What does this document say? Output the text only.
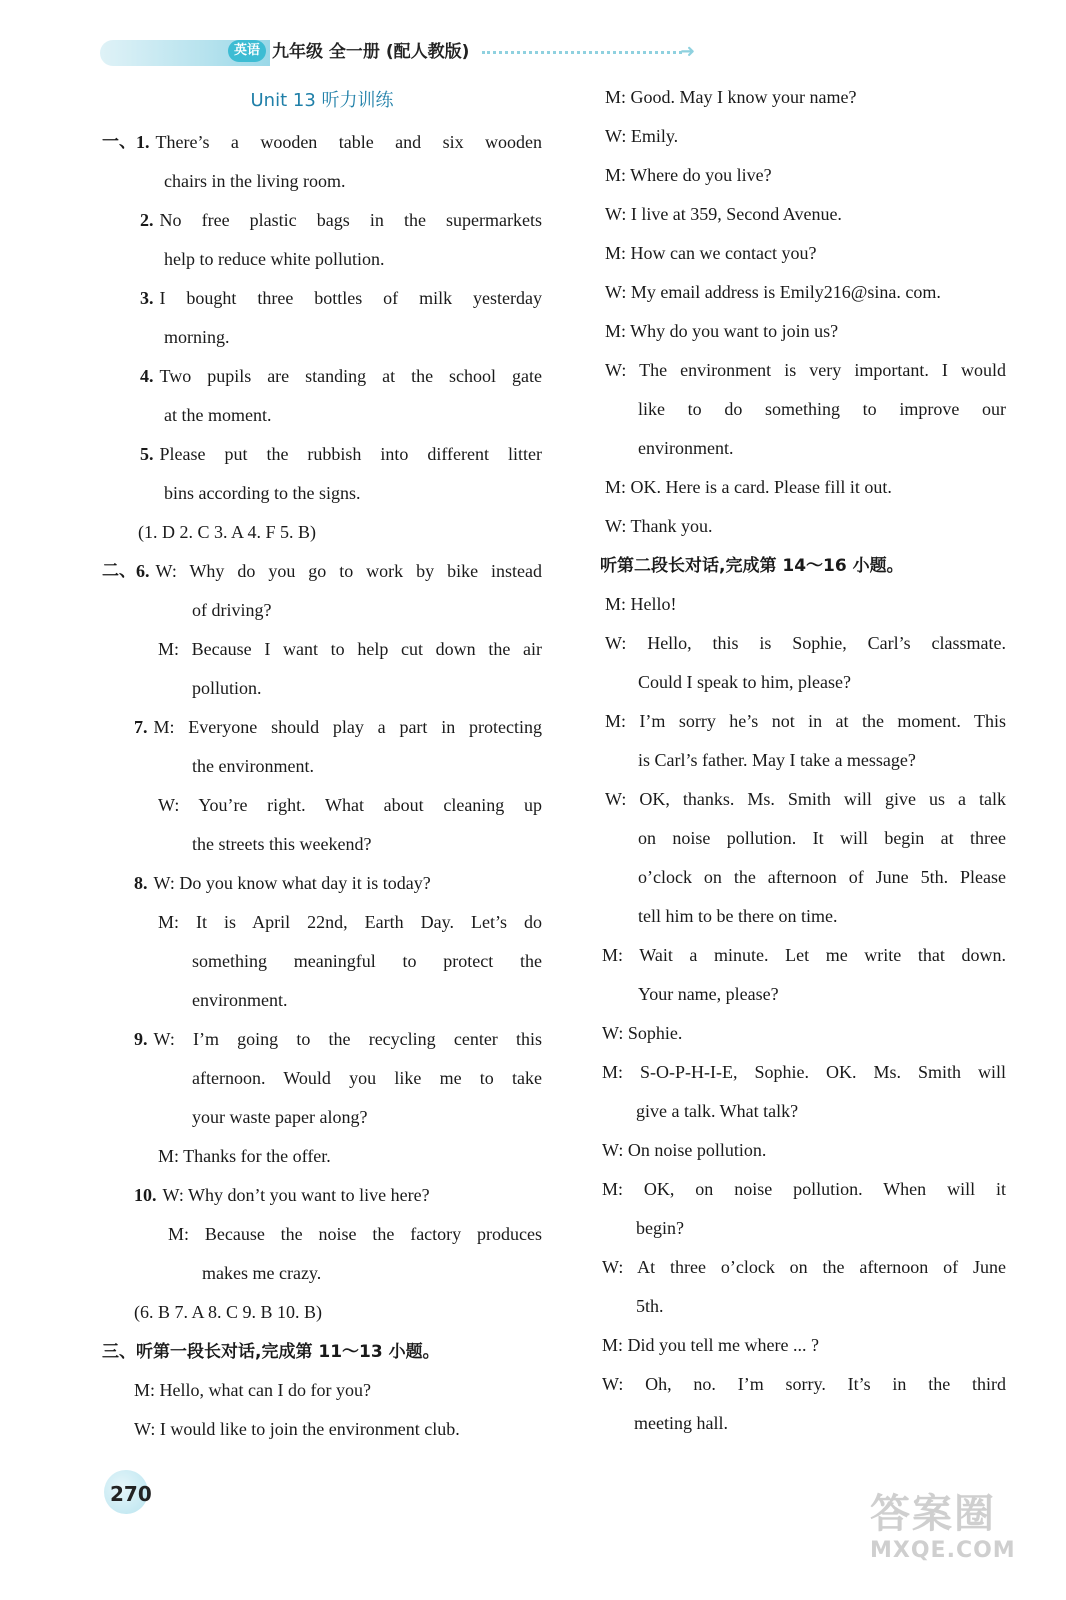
英语 九年级 全一册 (配人教版)	➜
Unit 13 听力训练
一、 1. There’s a wooden table and six wooden
chairs in the living room.
2. No free plastic bags in the supermarkets
help to reduce white pollution.
3. I bought three bottles of milk yesterday
morning.
4. Two pupils are standing at the school gate
at the moment.
5. Please put the rubbish into different litter
bins according to the signs.
(1. D 2. C 3. A 4. F 5. B)
二、 6. W: Why do you go to work by bike instead
of driving?
M: Because I want to help cut down the air
pollution.
7. M: Everyone should play a part in protecting
the environment.
W: You’re right. What about cleaning up
the streets this weekend?
8. W: Do you know what day it is today?
M: It is April 22nd, Earth Day. Let’s do
something meaningful to protect the
environment.
9. W: I’m going to the recycling center this
afternoon. Would you like me to take
your waste paper along?
M: Thanks for the offer.
10. W: Why don’t you want to live here?
M: Because the noise the factory produces
makes me crazy.
(6. B 7. A 8. C 9. B 10. B)
三、听第一段长对话,完成第 11～13 小题。
M: Hello, what can I do for you?
W: I would like to join the environment club.
M: Good. May I know your name?
W: Emily.
M: Where do you live?
W: I live at 359, Second Avenue.
M: How can we contact you?
W: My email address is Emily216@sina. com.
M: Why do you want to join us?
W: The environment is very important. I would
like to do something to improve our
environment.
M: OK. Here is a card. Please fill it out.
W: Thank you.
听第二段长对话,完成第 14～16 小题。
M: Hello!
W: Hello, this is Sophie, Carl’s classmate.
Could I speak to him, please?
M: I’m sorry he’s not in at the moment. This
is Carl’s father. May I take a message?
W: OK, thanks. Ms. Smith will give us a talk
on noise pollution. It will begin at three
o’clock on the afternoon of June 5th. Please
tell him to be there on time.
M: Wait a minute. Let me write that down.
Your name, please?
W: Sophie.
M: S-O-P-H-I-E, Sophie. OK. Ms. Smith will
give a talk. What talk?
W: On noise pollution.
M: OK, on noise pollution. When will it
begin?
W: At three o’clock on the afternoon of June
5th.
M: Did you tell me where ... ?
W: Oh, no. I’m sorry. It’s in the third
meeting hall.
270	答案圈
MXQE.COM
